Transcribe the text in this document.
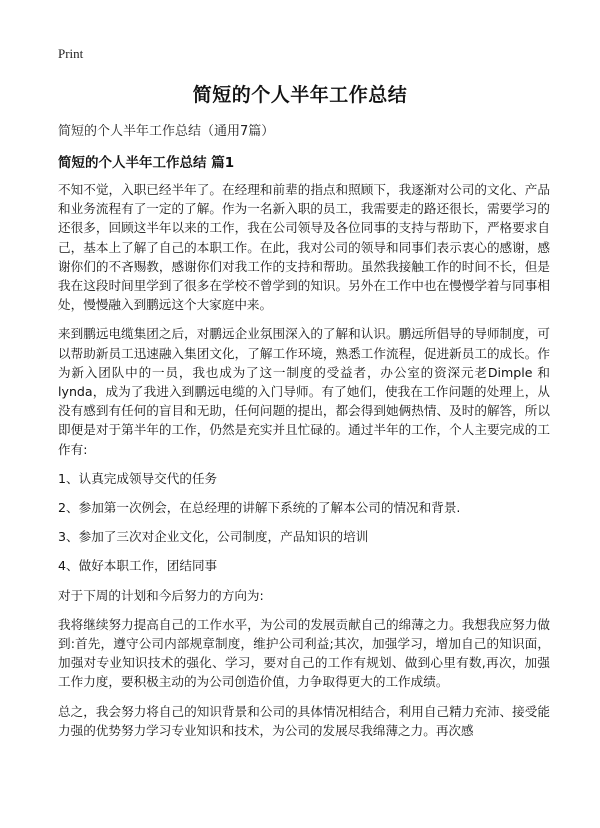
Print
简短的个人半年工作总结
简短的个人半年工作总结（通用7篇）
简短的个人半年工作总结 篇1

不知不觉，入职已经半年了。在经理和前辈的指点和照顾下，我逐渐对公司的文化、产品和业务流程有了一定的了解。作为一名新入职的员工，我需要走的路还很长，需要学习的还很多，回顾这半年以来的工作，我在公司领导及各位同事的支持与帮助下，严格要求自己，基本上了解了自己的本职工作。在此，我对公司的领导和同事们表示衷心的感谢，感谢你们的不吝赐教，感谢你们对我工作的支持和帮助。虽然我接触工作的时间不长，但是我在这段时间里学到了很多在学校不曾学到的知识。另外在工作中也在慢慢学着与同事相处，慢慢融入到鹏远这个大家庭中来。

来到鹏远电缆集团之后，对鹏远企业氛围深入的了解和认识。鹏远所倡导的导师制度，可以帮助新员工迅速融入集团文化，了解工作环境，熟悉工作流程，促进新员工的成长。作为新入团队中的一员，我也成为了这一制度的受益者，办公室的资深元老Dimple 和lynda，成为了我进入到鹏远电缆的入门导师。有了她们，使我在工作问题的处理上，从没有感到有任何的盲目和无助，任何问题的提出，都会得到她俩热情、及时的解答，所以即便是对于第半年的工作，仍然是充实并且忙碌的。通过半年的工作，个人主要完成的工作有:

1、认真完成领导交代的任务

2、参加第一次例会，在总经理的讲解下系统的了解本公司的情况和背景.

3、参加了三次对企业文化，公司制度，产品知识的培训

4、做好本职工作，团结同事

对于下周的计划和今后努力的方向为:

我将继续努力提高自己的工作水平，为公司的发展贡献自己的绵薄之力。我想我应努力做到:首先，遵守公司内部规章制度，维护公司利益;其次，加强学习，增加自己的知识面，加强对专业知识技术的强化、学习，要对自己的工作有规划、做到心里有数,再次，加强工作力度，要积极主动的为公司创造价值，力争取得更大的工作成绩。

总之，我会努力将自己的知识背景和公司的具体情况相结合，利用自己精力充沛、接受能力强的优势努力学习专业知识和技术，为公司的发展尽我绵薄之力。再次感
